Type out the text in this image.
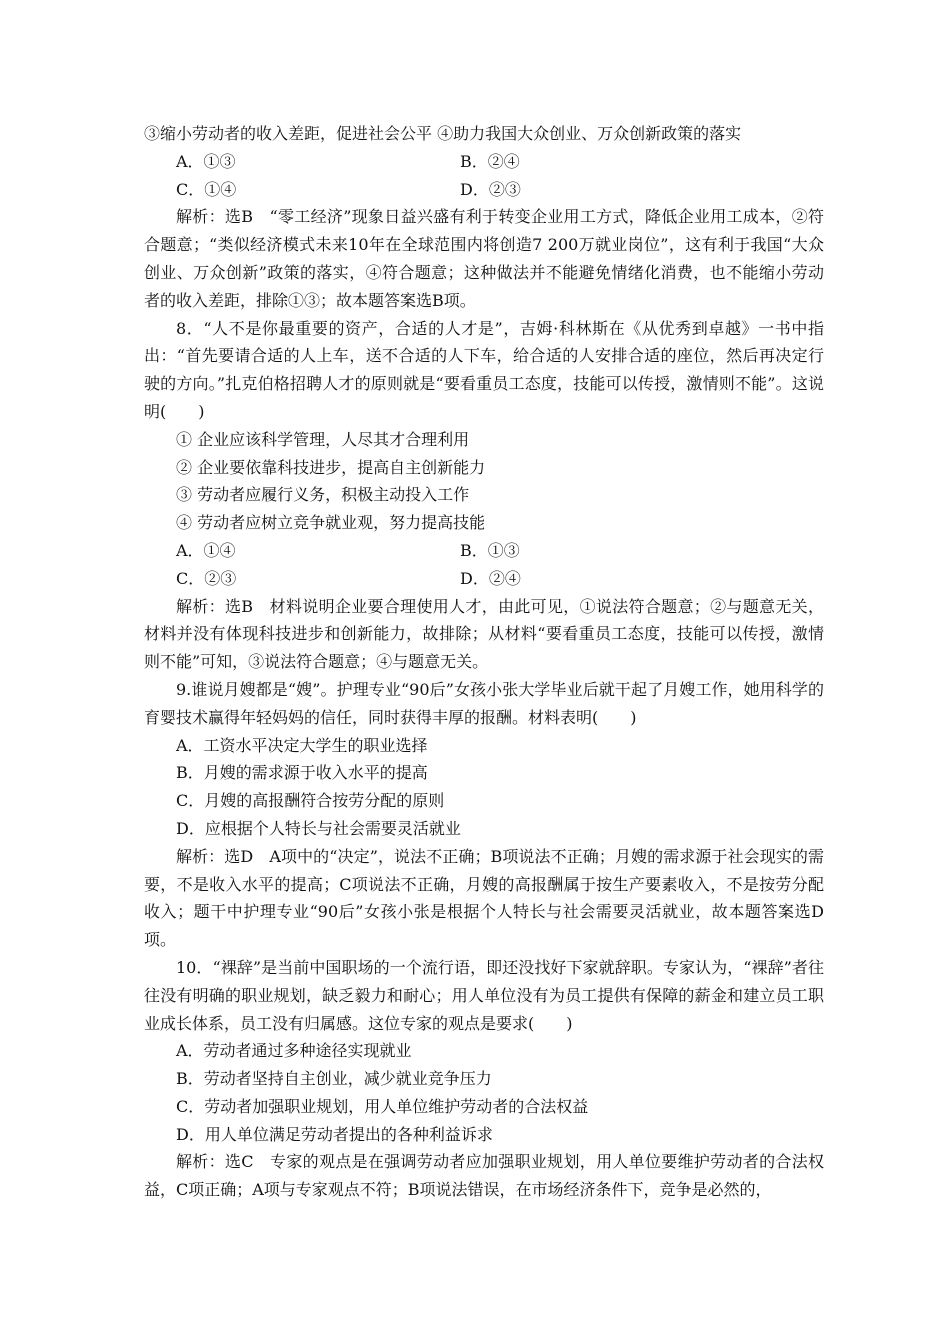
③缩小劳动者的收入差距，促进社会公平 ④助力我国大众创业、万众创新政策的落实
A．①③	B．②④
C．①④	D．②③
解析：选B　“零工经济”现象日益兴盛有利于转变企业用工方式，降低企业用工成本，②符合题意；“类似经济模式未来10年在全球范围内将创造7 200万就业岗位”，这有利于我国“大众创业、万众创新”政策的落实，④符合题意；这种做法并不能避免情绪化消费，也不能缩小劳动者的收入差距，排除①③；故本题答案选B项。
8．“人不是你最重要的资产，合适的人才是”，吉姆·科林斯在《从优秀到卓越》一书中指出：“首先要请合适的人上车，送不合适的人下车，给合适的人安排合适的座位，然后再决定行驶的方向。”扎克伯格招聘人才的原则就是“要看重员工态度，技能可以传授，激情则不能”。这说明(　　)
① 企业应该科学管理，人尽其才合理利用
② 企业要依靠科技进步，提高自主创新能力
③ 劳动者应履行义务，积极主动投入工作
④ 劳动者应树立竞争就业观，努力提高技能
A．①④	B．①③
C．②③	D．②④
解析：选B　材料说明企业要合理使用人才，由此可见，①说法符合题意；②与题意无关，材料并没有体现科技进步和创新能力，故排除；从材料“要看重员工态度，技能可以传授，激情则不能”可知，③说法符合题意；④与题意无关。
9.谁说月嫂都是“嫂”。护理专业“90后”女孩小张大学毕业后就干起了月嫂工作，她用科学的育婴技术赢得年轻妈妈的信任，同时获得丰厚的报酬。材料表明(　　)
A．工资水平决定大学生的职业选择
B．月嫂的需求源于收入水平的提高
C．月嫂的高报酬符合按劳分配的原则
D．应根据个人特长与社会需要灵活就业
解析：选D　A项中的“决定”，说法不正确；B项说法不正确；月嫂的需求源于社会现实的需要，不是收入水平的提高；C项说法不正确，月嫂的高报酬属于按生产要素收入，不是按劳分配收入；题干中护理专业“90后”女孩小张是根据个人特长与社会需要灵活就业，故本题答案选D项。
10．“裸辞”是当前中国职场的一个流行语，即还没找好下家就辞职。专家认为，“裸辞”者往往没有明确的职业规划，缺乏毅力和耐心；用人单位没有为员工提供有保障的薪金和建立员工职业成长体系，员工没有归属感。这位专家的观点是要求(　　)
A．劳动者通过多种途径实现就业
B．劳动者坚持自主创业，减少就业竞争压力
C．劳动者加强职业规划，用人单位维护劳动者的合法权益
D．用人单位满足劳动者提出的各种利益诉求
解析：选C　专家的观点是在强调劳动者应加强职业规划，用人单位要维护劳动者的合法权益，C项正确；A项与专家观点不符；B项说法错误，在市场经济条件下，竞争是必然的，
